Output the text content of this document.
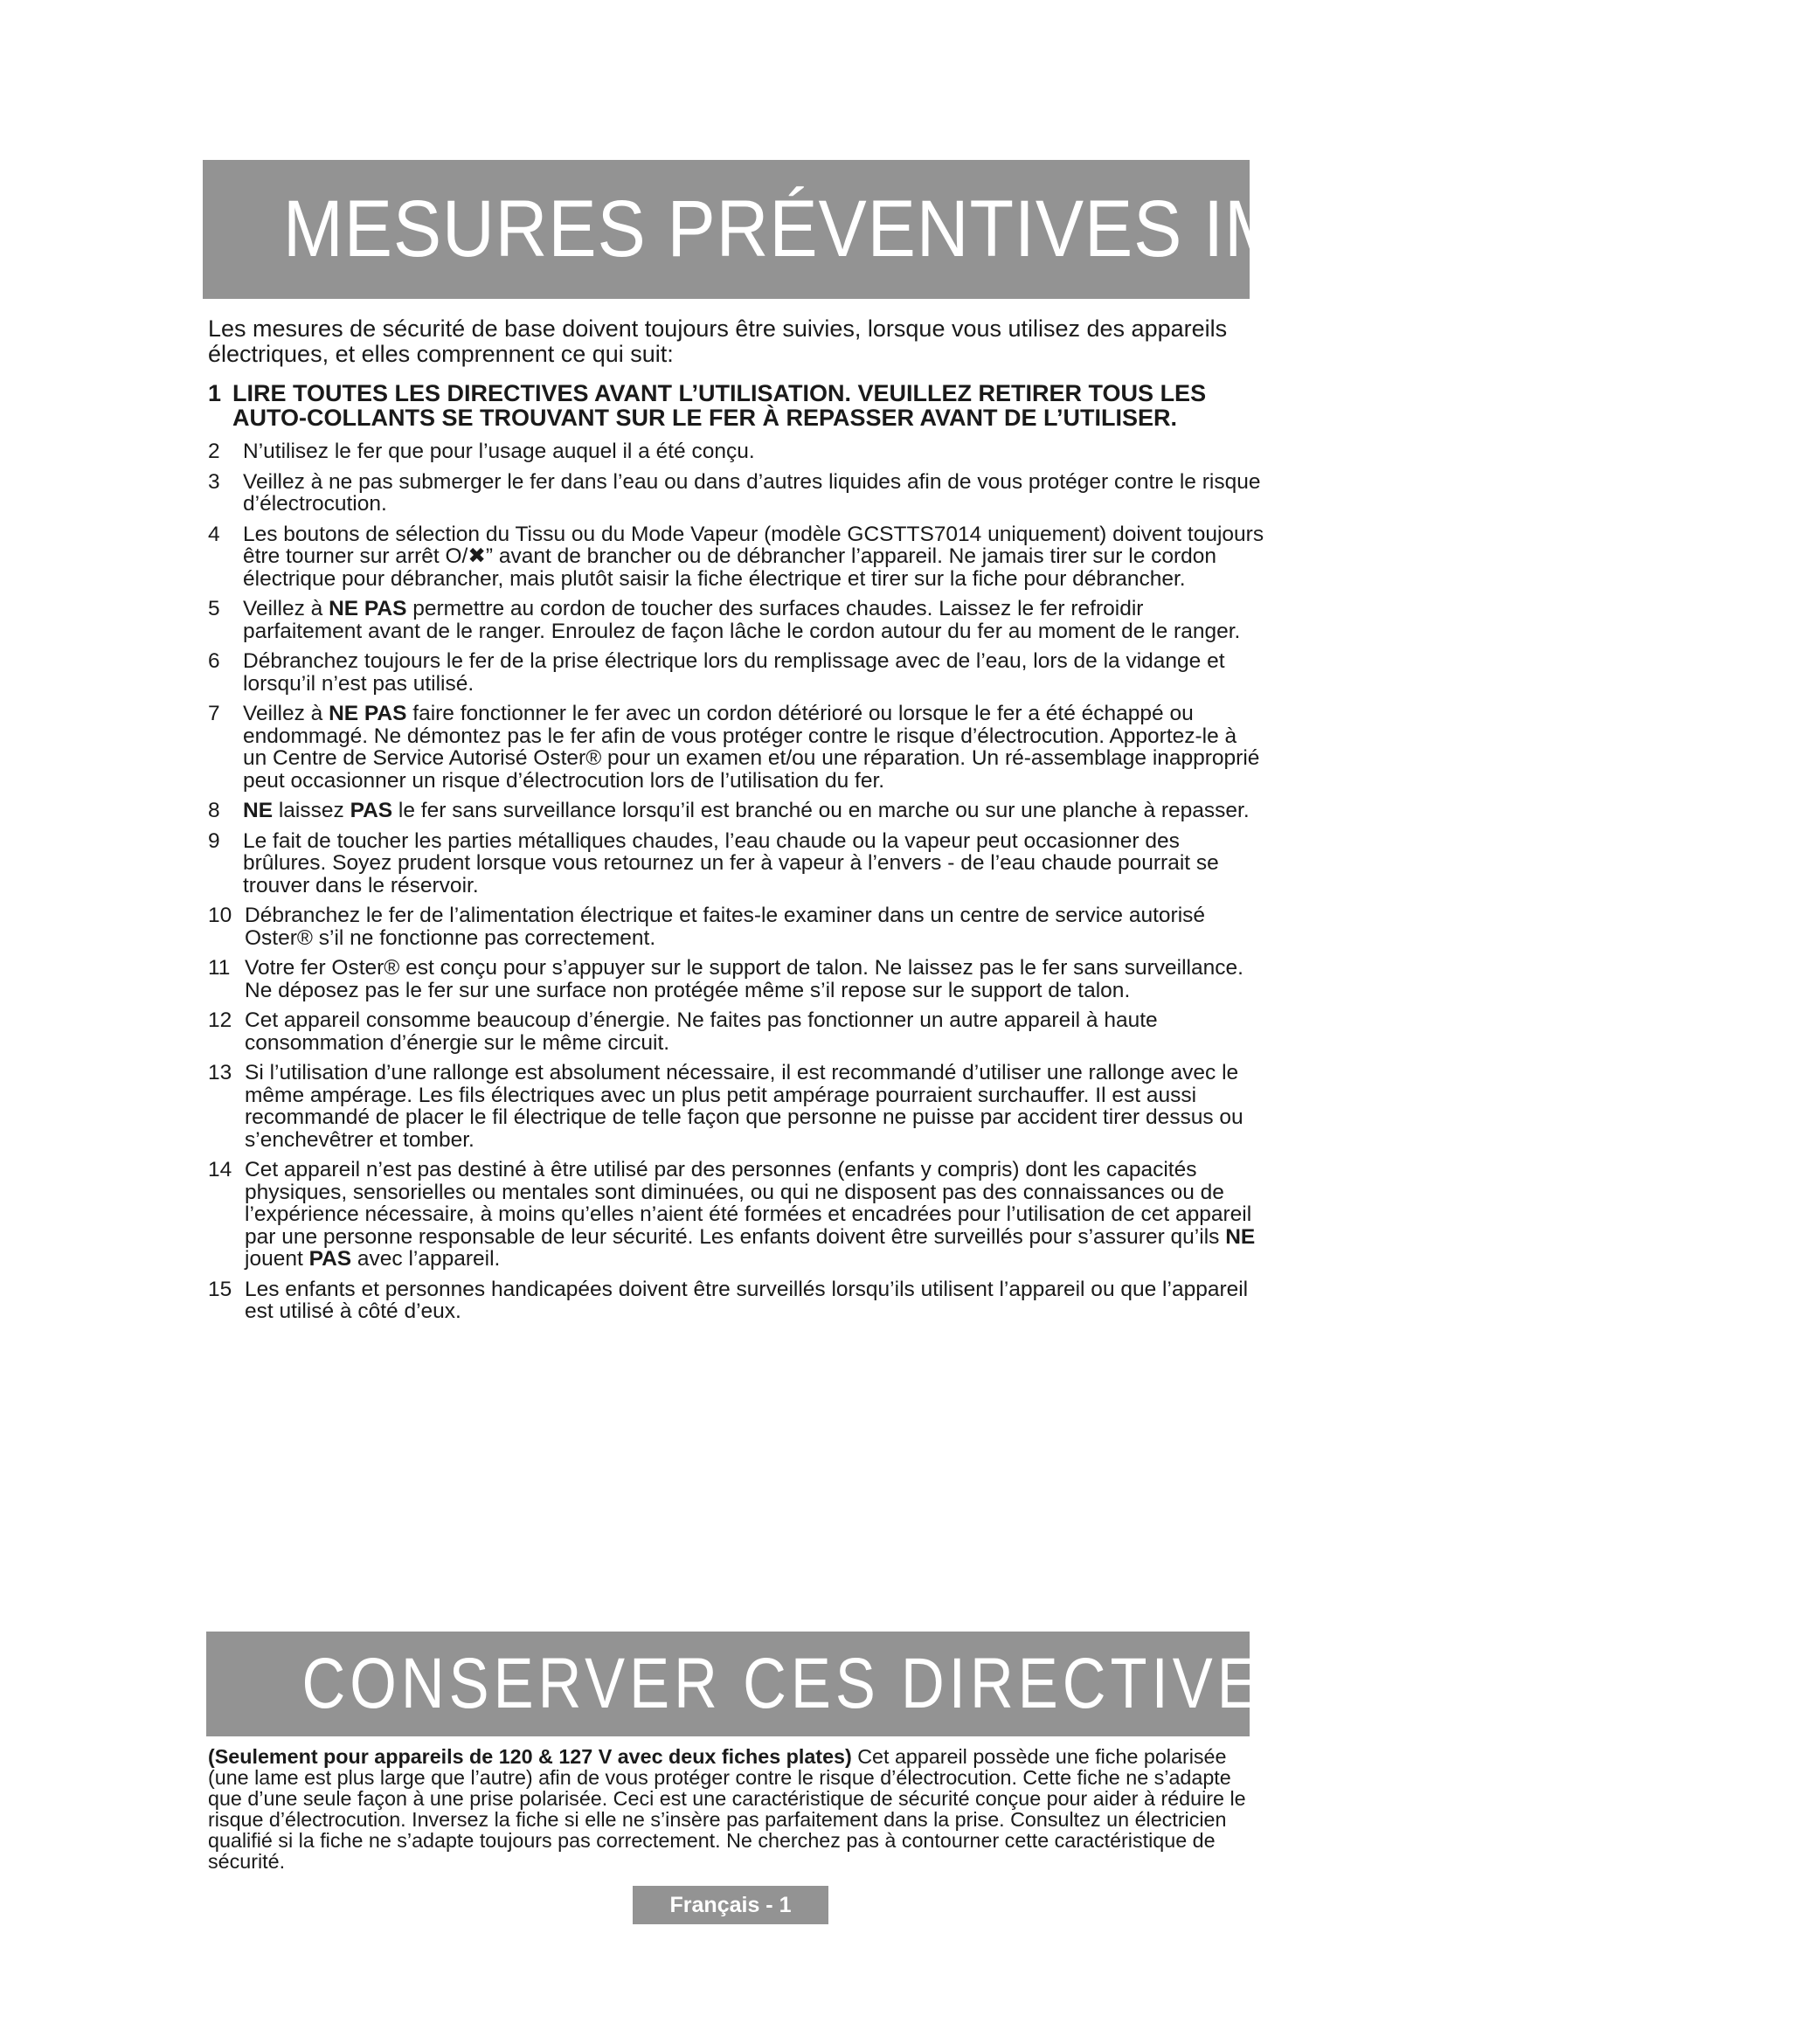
MESURES PRÉVENTIVES IMPORTANTES

Les mesures de sécurité de base doivent toujours être suivies, lorsque vous utilisez des appareils électriques, et elles comprennent ce qui suit:

1 LIRE TOUTES LES DIRECTIVES AVANT L’UTILISATION. VEUILLEZ RETIRER TOUS LES AUTO-COLLANTS SE TROUVANT SUR LE FER À REPASSER AVANT DE L’UTILISER.
2 N’utilisez le fer que pour l’usage auquel il a été conçu.
3 Veillez à ne pas submerger le fer dans l’eau ou dans d’autres liquides afin de vous protéger contre le risque d’électrocution.
4 Les boutons de sélection du Tissu ou du Mode Vapeur (modèle GCSTTS7014 uniquement) doivent toujours être tourner sur arrêt O/✖” avant de brancher ou de débrancher l’appareil. Ne jamais tirer sur le cordon électrique pour débrancher, mais plutôt saisir la fiche électrique et tirer sur la fiche pour débrancher.
5 Veillez à NE PAS permettre au cordon de toucher des surfaces chaudes. Laissez le fer refroidir parfaitement avant de le ranger. Enroulez de façon lâche le cordon autour du fer au moment de le ranger.
6 Débranchez toujours le fer de la prise électrique lors du remplissage avec de l’eau, lors de la vidange et lorsqu’il n’est pas utilisé.
7 Veillez à NE PAS faire fonctionner le fer avec un cordon détérioré ou lorsque le fer a été échappé ou endommagé. Ne démontez pas le fer afin de vous protéger contre le risque d’électrocution. Apportez-le à un Centre de Service Autorisé Oster® pour un examen et/ou une réparation. Un ré-assemblage inapproprié peut occasionner un risque d’électrocution lors de l’utilisation du fer.
8 NE laissez PAS le fer sans surveillance lorsqu’il est branché ou en marche ou sur une planche à repasser.
9 Le fait de toucher les parties métalliques chaudes, l’eau chaude ou la vapeur peut occasionner des brûlures. Soyez prudent lorsque vous retournez un fer à vapeur à l’envers - de l’eau chaude pourrait se trouver dans le réservoir.
10 Débranchez le fer de l’alimentation électrique et faites-le examiner dans un centre de service autorisé Oster® s’il ne fonctionne pas correctement.
11 Votre fer Oster® est conçu pour s’appuyer sur le support de talon. Ne laissez pas le fer sans surveillance. Ne déposez pas le fer sur une surface non protégée même s’il repose sur le support de talon.
12 Cet appareil consomme beaucoup d’énergie. Ne faites pas fonctionner un autre appareil à haute consommation d’énergie sur le même circuit.
13 Si l’utilisation d’une rallonge est absolument nécessaire, il est recommandé d’utiliser une rallonge avec le même ampérage. Les fils électriques avec un plus petit ampérage pourraient surchauffer. Il est aussi recommandé de placer le fil électrique de telle façon que personne ne puisse par accident tirer dessus ou s’enchevêtrer et tomber.
14 Cet appareil n’est pas destiné à être utilisé par des personnes (enfants y compris) dont les capacités physiques, sensorielles ou mentales sont diminuées, ou qui ne disposent pas des connaissances ou de l’expérience nécessaire, à moins qu’elles n’aient été formées et encadrées pour l’utilisation de cet appareil par une personne responsable de leur sécurité. Les enfants doivent être surveillés pour s’assurer qu’ils NE jouent PAS avec l’appareil.
15 Les enfants et personnes handicapées doivent être surveillés lorsqu’ils utilisent l’appareil ou que l’appareil est utilisé à côté d’eux.
CONSERVER CES DIRECTIVES

(Seulement pour appareils de 120 & 127 V avec deux fiches plates) Cet appareil possède une fiche polarisée (une lame est plus large que l’autre) afin de vous protéger contre le risque d’électrocution. Cette fiche ne s’adapte que d’une seule façon à une prise polarisée. Ceci est une caractéristique de sécurité conçue pour aider à réduire le risque d’électrocution. Inversez la fiche si elle ne s’insère pas parfaitement dans la prise. Consultez un électricien qualifié si la fiche ne s’adapte toujours pas correctement. Ne cherchez pas à contourner cette caractéristique de sécurité.

Français - 1
